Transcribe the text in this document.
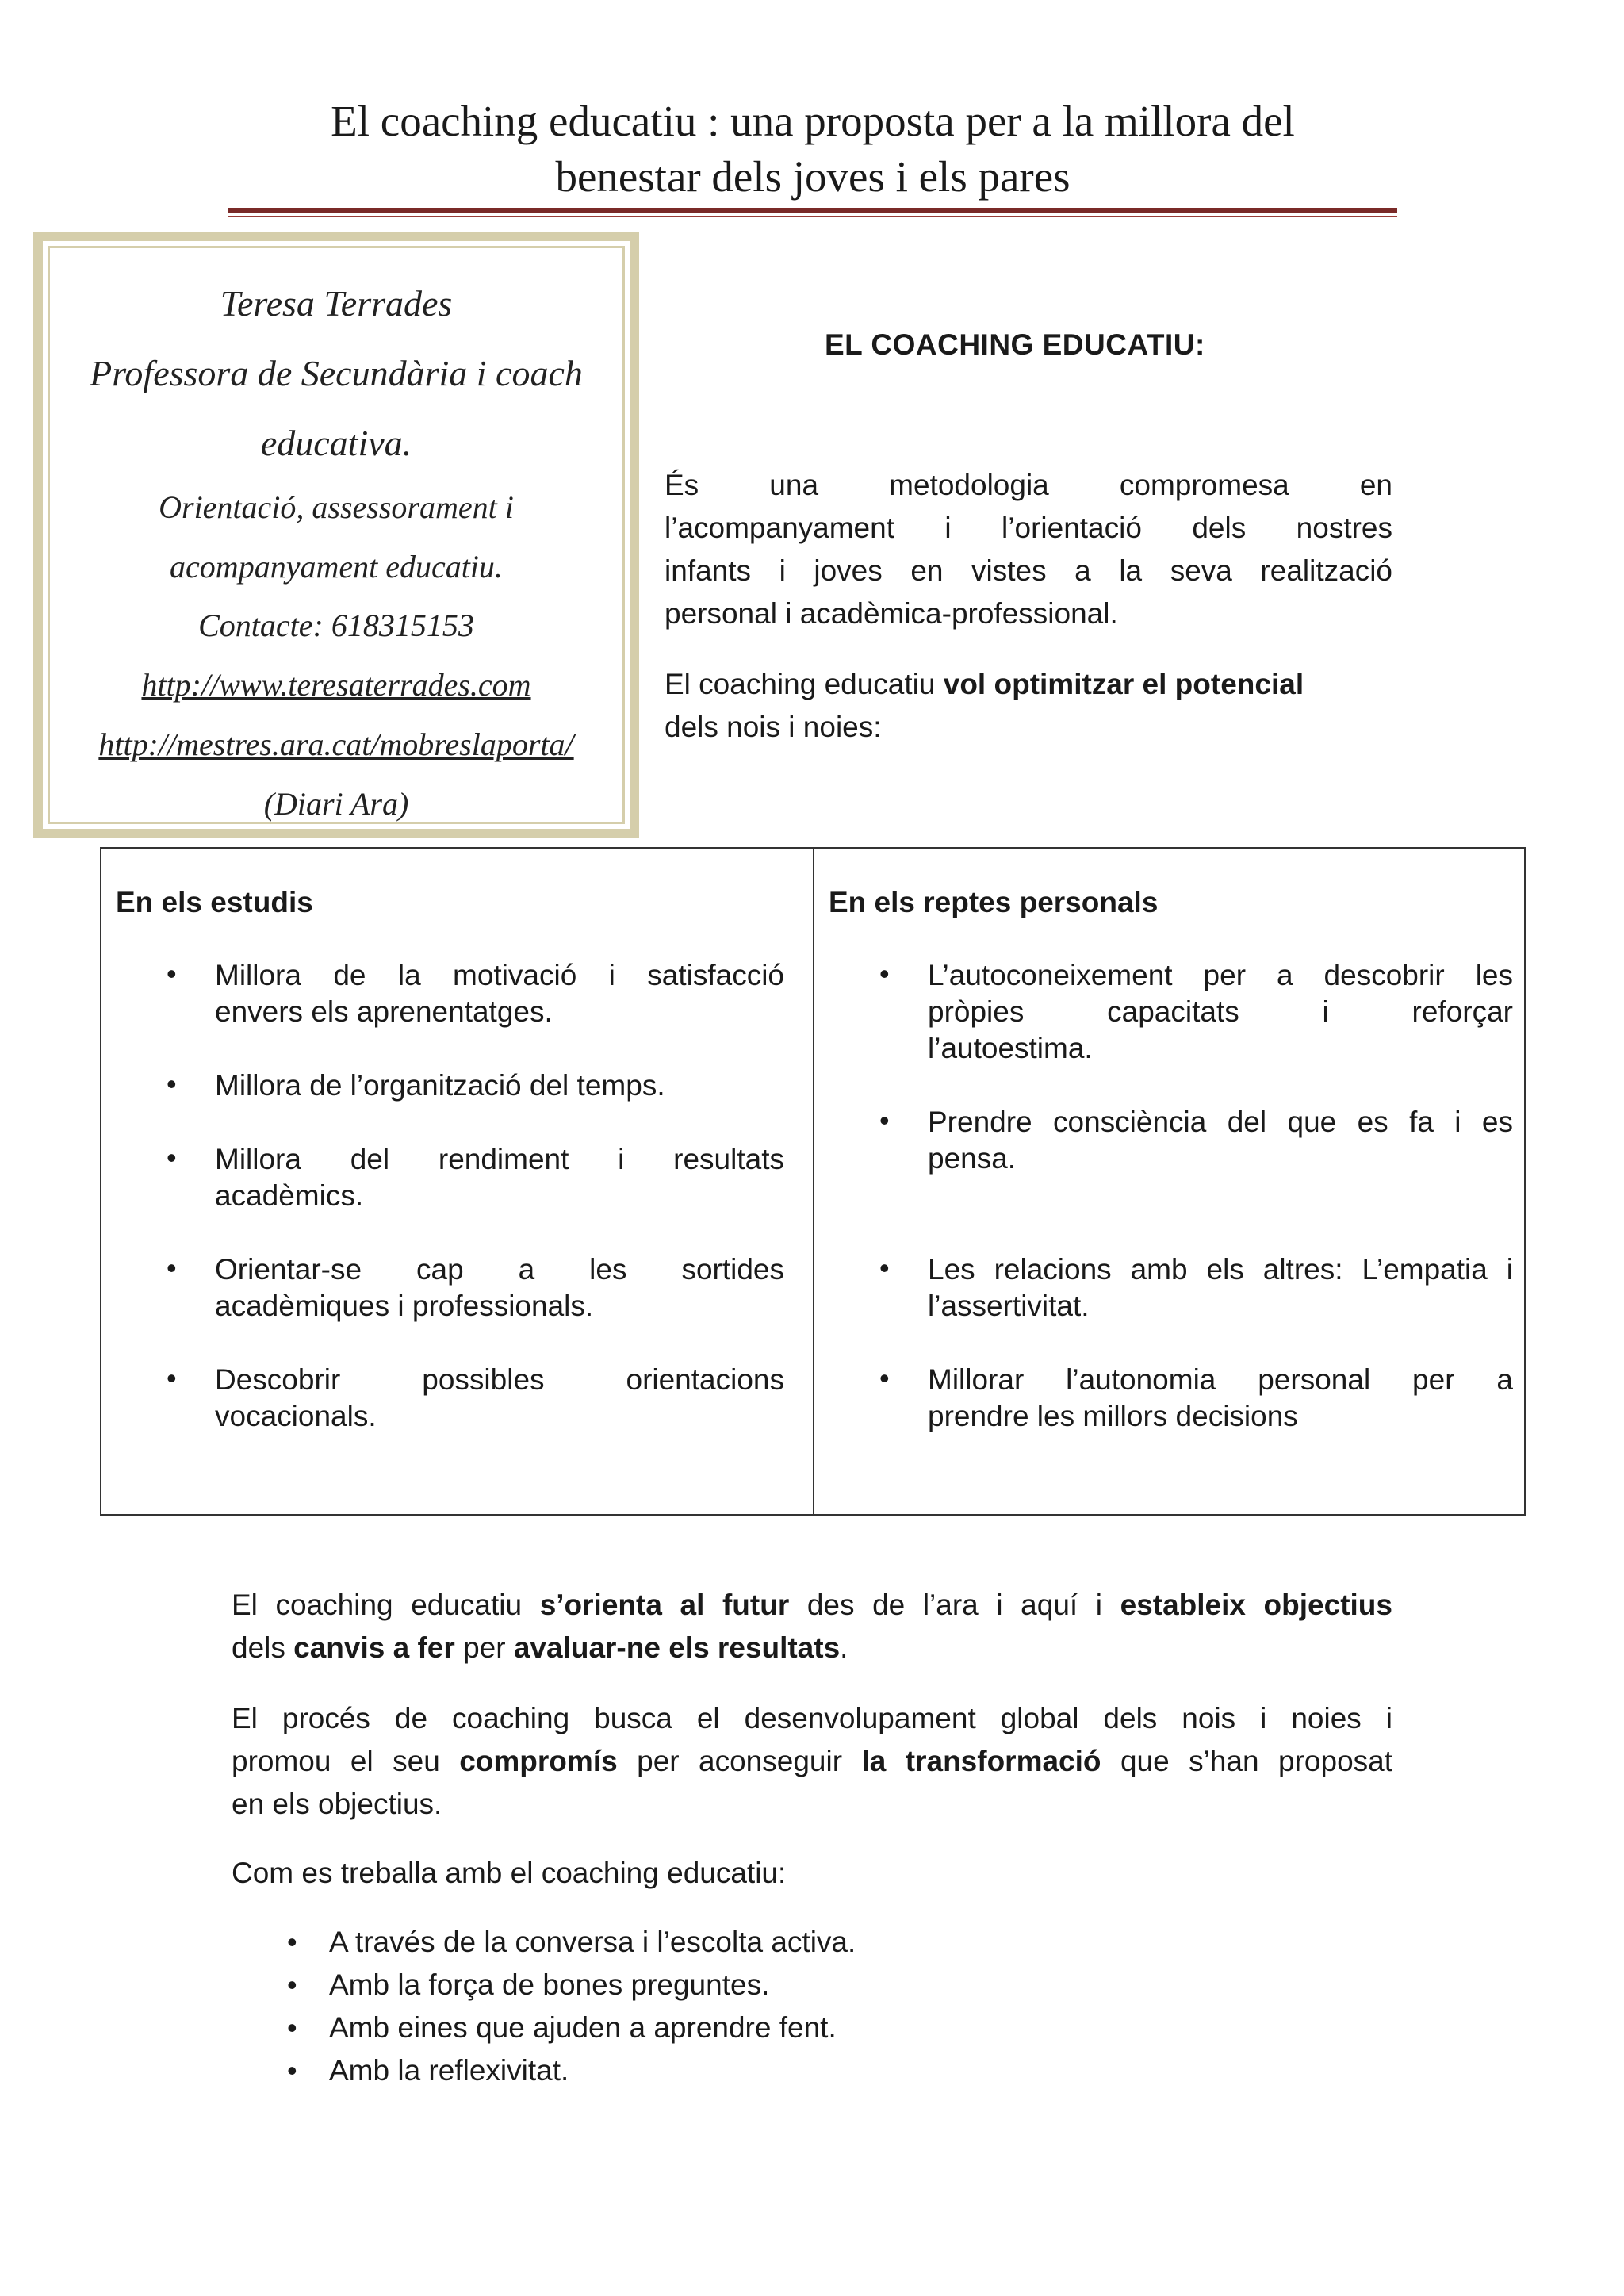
El coaching educatiu : una proposta per a la millora del
benestar dels joves i els pares
Teresa Terrades
Professora de Secundària i coach
educativa.
Orientació, assessorament i
acompanyament educatiu.
Contacte: 618315153
http://www.teresaterrades.com
http://mestres.ara.cat/mobreslaporta/
(Diari Ara)
EL COACHING EDUCATIU:
És una metodologia compromesa en
l’acompanyament i l’orientació dels nostres
infants i joves en vistes a la seva realització
personal i acadèmica-professional.
El coaching educatiu vol optimitzar el potencial
dels nois i noies:
En els estudis
• Millora de la motivació i satisfacció
envers els aprenentatges.
• Millora de l’organització del temps.
• Millora del rendiment i resultats
acadèmics.
• Orientar-se cap a les sortides
acadèmiques i professionals.
• Descobrir possibles orientacions
vocacionals.

En els reptes personals
• L’autoconeixement per a descobrir les
pròpies capacitats i reforçar
l’autoestima.
• Prendre consciència del que es fa i es
pensa.
• Les relacions amb els altres: L’empatia i
l’assertivitat.
• Millorar l’autonomia personal per a
prendre les millors decisions
El coaching educatiu s’orienta al futur des de l’ara i aquí i estableix objectius
dels canvis a fer per avaluar-ne els resultats.
El procés de coaching busca el desenvolupament global dels nois i noies i
promou el seu compromís per aconseguir la transformació que s’han proposat
en els objectius.
Com es treballa amb el coaching educatiu:
• A través de la conversa i l’escolta activa.
• Amb la força de bones preguntes.
• Amb eines que ajuden a aprendre fent.
• Amb la reflexivitat.
